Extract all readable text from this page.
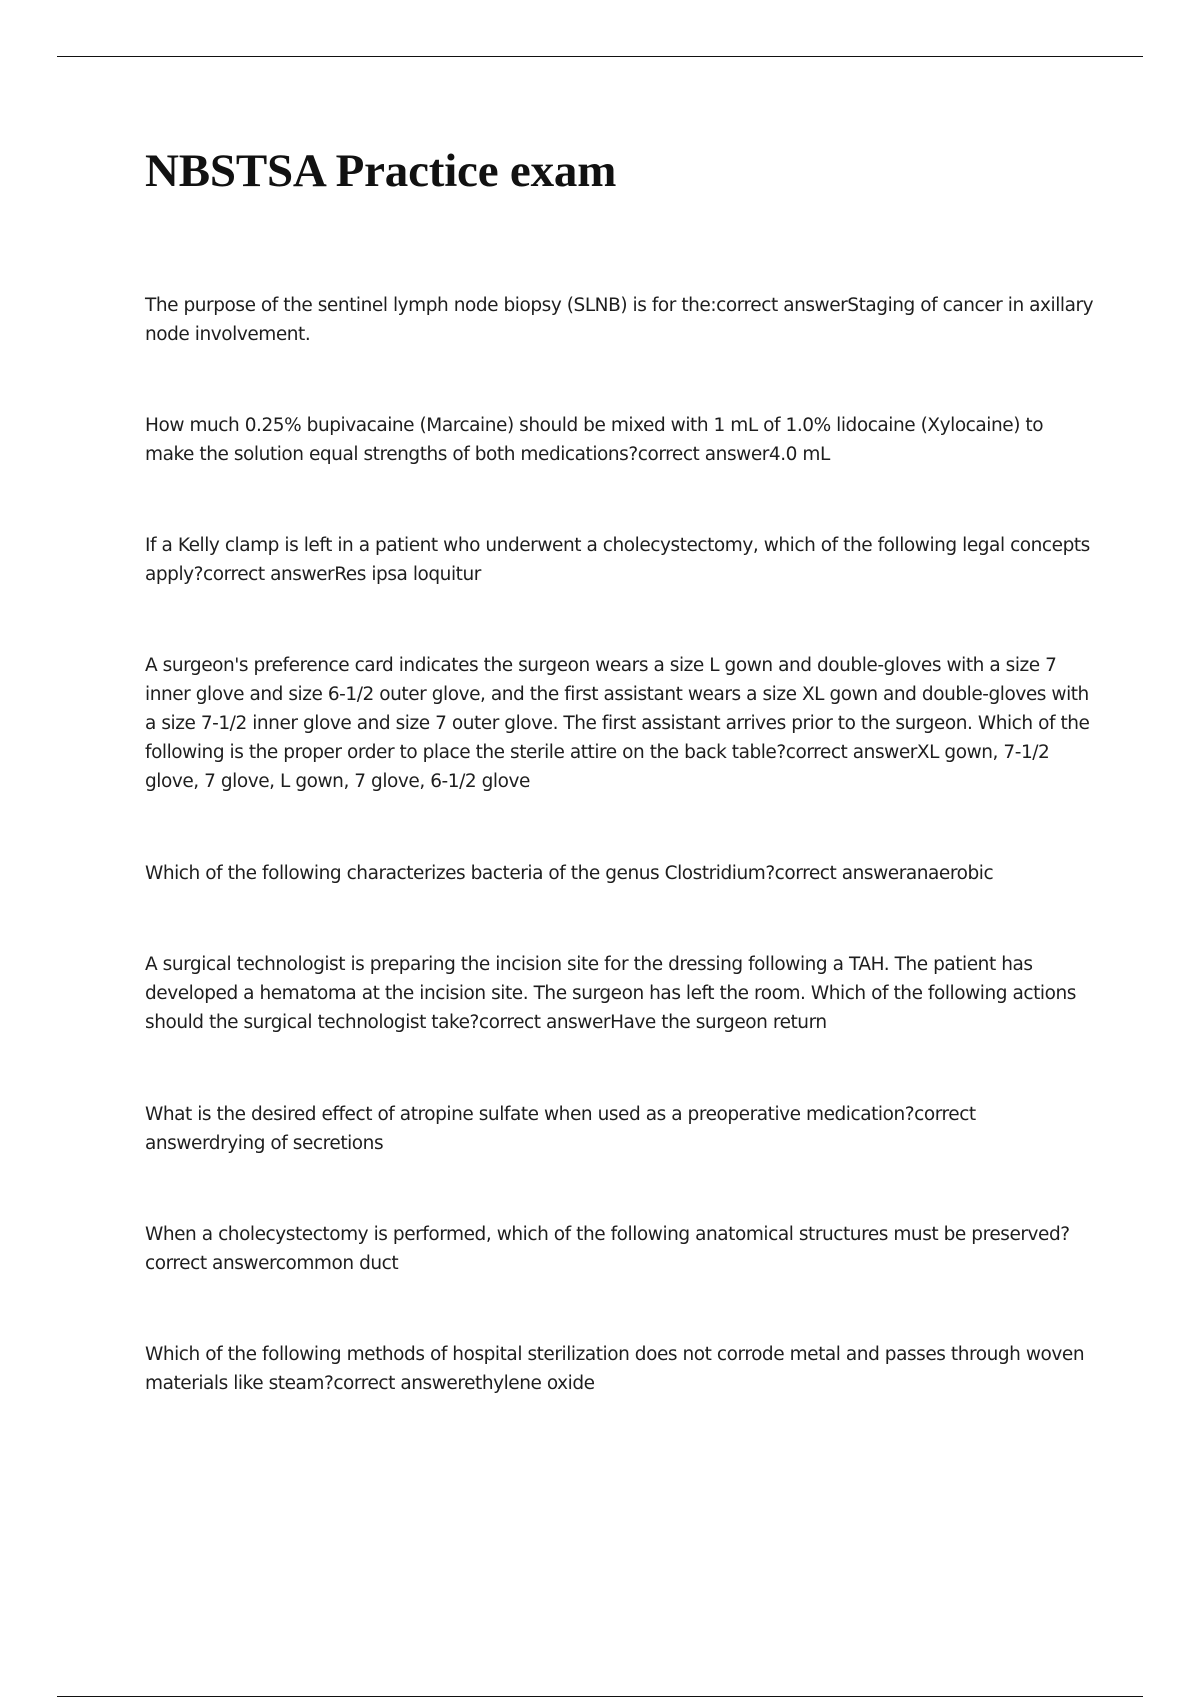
NBSTSA Practice exam

The purpose of the sentinel lymph node biopsy (SLNB) is for the:correct answerStaging of cancer in axillary node involvement.

How much 0.25% bupivacaine (Marcaine) should be mixed with 1 mL of 1.0% lidocaine (Xylocaine) to make the solution equal strengths of both medications?correct answer4.0 mL

If a Kelly clamp is left in a patient who underwent a cholecystectomy, which of the following legal concepts apply?correct answerRes ipsa loquitur

A surgeon's preference card indicates the surgeon wears a size L gown and double-gloves with a size 7 inner glove and size 6-1/2 outer glove, and the first assistant wears a size XL gown and double-gloves with a size 7-1/2 inner glove and size 7 outer glove. The first assistant arrives prior to the surgeon. Which of the following is the proper order to place the sterile attire on the back table?correct answerXL gown, 7-1/2 glove, 7 glove, L gown, 7 glove, 6-1/2 glove

Which of the following characterizes bacteria of the genus Clostridium?correct answeranaerobic

A surgical technologist is preparing the incision site for the dressing following a TAH. The patient has developed a hematoma at the incision site. The surgeon has left the room. Which of the following actions should the surgical technologist take?correct answerHave the surgeon return

What is the desired effect of atropine sulfate when used as a preoperative medication?correct answerdrying of secretions

When a cholecystectomy is performed, which of the following anatomical structures must be preserved?correct answercommon duct

Which of the following methods of hospital sterilization does not corrode metal and passes through woven materials like steam?correct answerethylene oxide
